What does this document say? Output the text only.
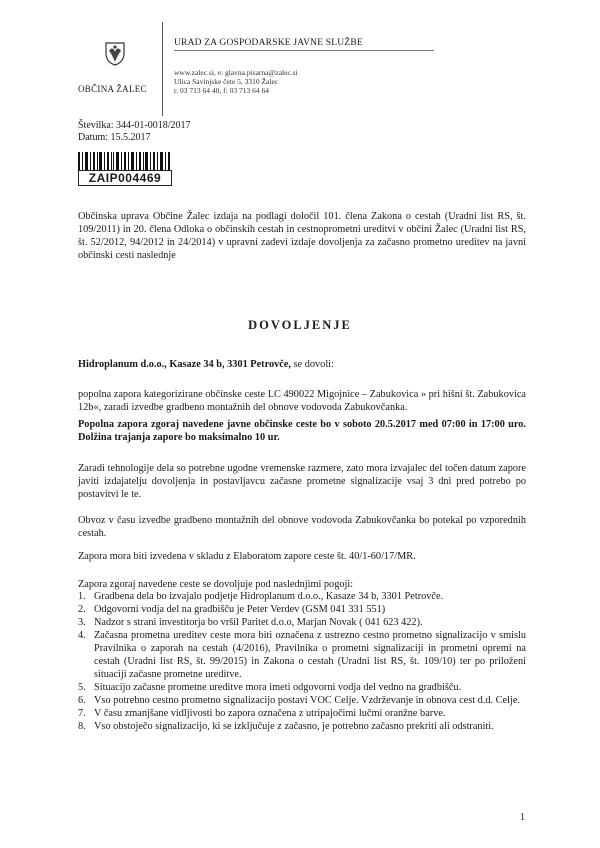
OBČINA ŽALEC
URAD ZA GOSPODARSKE JAVNE SLUŽBE
www.zalec.si, e: glavna.pisarna@zalec.si
Ulica Savinjske čete 5, 3310 Žalec
t: 03 713 64 40, f: 03 713 64 64
Številka: 344-01-0018/2017
Datum: 15.5.2017
ZAIP004469
Občinska uprava Občine Žalec izdaja na podlagi določil 101. člena Zakona o cestah (Uradni list RS, št. 109/2011) in 20. člena Odloka o občinskih cestah in cestnoprometni ureditvi v občini Žalec (Uradni list RS, št. 52/2012, 94/2012 in 24/2014) v upravni zadevi izdaje dovoljenja za začasno prometno ureditev na javni občinski cesti naslednje
DOVOLJENJE
Hidroplanum d.o.o., Kasaze 34 b, 3301 Petrovče, se dovoli:
popolna zapora kategorizirane občinske ceste LC 490022 Migojnice – Zabukovica » pri hišni št. Zabukovica 12b«, zaradi izvedbe gradbeno montažnih del obnove vodovoda Zabukovčanka.
Popolna zapora zgoraj navedene javne občinske ceste bo v soboto 20.5.2017 med 07:00 in 17:00 uro. Dolžina trajanja zapore bo maksimalno 10 ur.
Zaradi tehnologije dela so potrebne ugodne vremenske razmere, zato mora izvajalec del točen datum zapore javiti izdajatelju dovoljenja in postavljavcu začasne prometne signalizacije vsaj 3 dni pred potrebo po postavitvi le te.
Obvoz v času izvedbe gradbeno montažnih del obnove vodovoda Zabukovčanka bo potekal po vzporednih cestah.
Zapora mora biti izvedena v skladu z Elaboratom zapore ceste št. 40/1-60/17/MR.
Zapora zgoraj navedene ceste se dovoljuje pod naslednjimi pogoji:
1. Gradbena dela bo izvajalo podjetje Hidroplanum d.o.o., Kasaze 34 b, 3301 Petrovče.
2. Odgovorni vodja del na gradbišču je Peter Verdev (GSM 041 331 551)
3. Nadzor s strani investitorja bo vršil Paritet d.o.o, Marjan Novak ( 041 623 422).
4. Začasna prometna ureditev ceste mora biti označena z ustrezno cestno prometno signalizacijo v smislu Pravilnika o zaporah na cestah (4/2016), Pravilnika o prometni signalizaciji in prometni opremi na cestah (Uradni list RS, št. 99/2015) in Zakona o cestah (Uradni list RS, št. 109/10) ter po priloženi situaciji začasne prometne ureditve.
5. Situacijo začasne prometne ureditve mora imeti odgovorni vodja del vedno na gradbišču.
6. Vso potrebno cestno prometno signalizacijo postavi VOC Celje. Vzdrževanje in obnova cest d.d. Celje.
7. V času zmanjšane vidljivosti bo zapora označena z utripajočimi lučmi oranžne barve.
8. Vso obstoječo signalizacijo, ki se izključuje z začasno, je potrebno začasno prekriti ali odstraniti.
1
